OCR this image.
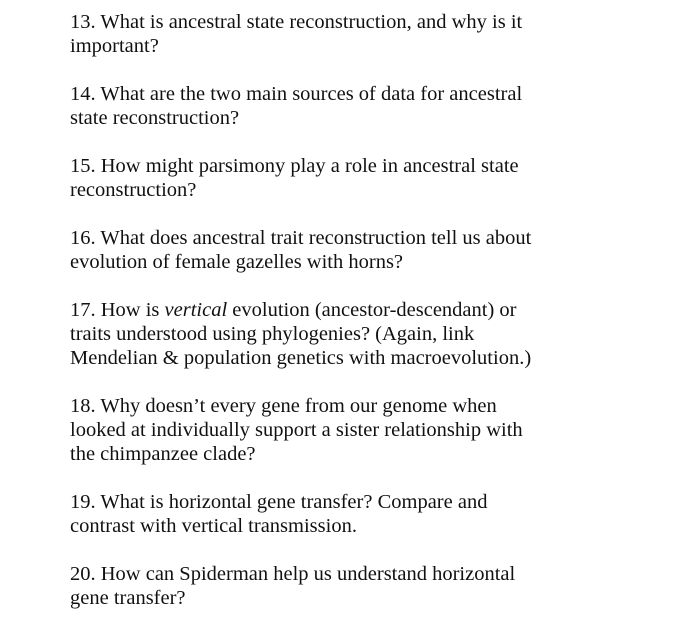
13. What is ancestral state reconstruction, and why is it
important?

14. What are the two main sources of data for ancestral
state reconstruction?

15. How might parsimony play a role in ancestral state
reconstruction?

16. What does ancestral trait reconstruction tell us about
evolution of female gazelles with horns?

17. How is vertical evolution (ancestor-descendant) or
traits understood using phylogenies? (Again, link
Mendelian & population genetics with macroevolution.)

18. Why doesn’t every gene from our genome when
looked at individually support a sister relationship with
the chimpanzee clade?

19. What is horizontal gene transfer? Compare and
contrast with vertical transmission.

20. How can Spiderman help us understand horizontal
gene transfer?
